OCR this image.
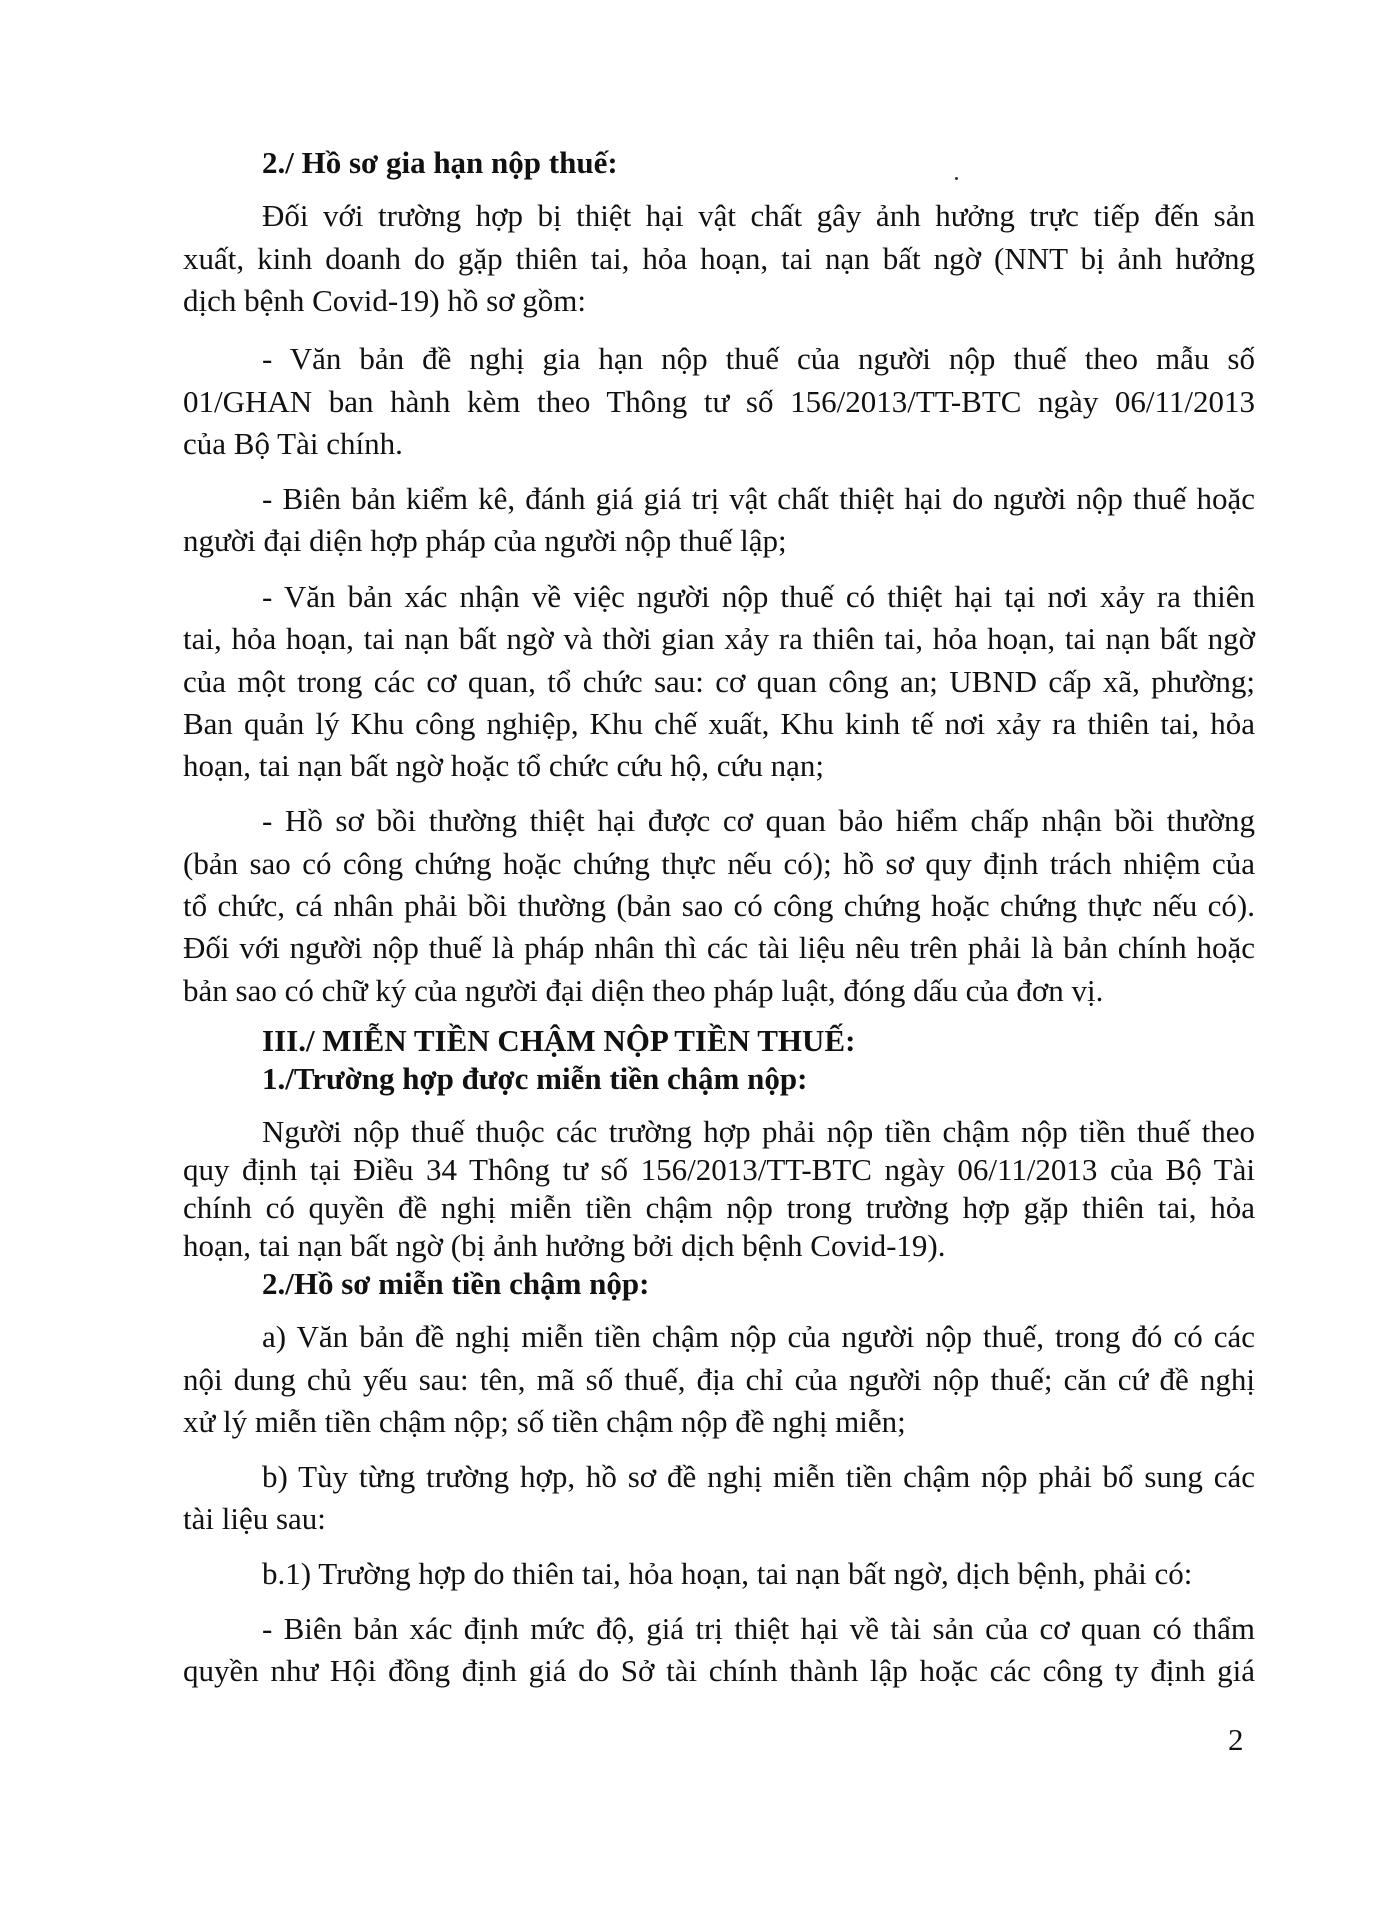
2./ Hồ sơ gia hạn nộp thuế:

Đối với trường hợp bị thiệt hại vật chất gây ảnh hưởng trực tiếp đến sản

xuất, kinh doanh do gặp thiên tai, hỏa hoạn, tai nạn bất ngờ (NNT bị ảnh hưởng

dịch bệnh Covid-19) hồ sơ gồm:

- Văn bản đề nghị gia hạn nộp thuế của người nộp thuế theo mẫu số

01/GHAN ban hành kèm theo Thông tư số 156/2013/TT-BTC ngày 06/11/2013

của Bộ Tài chính.

- Biên bản kiểm kê, đánh giá giá trị vật chất thiệt hại do người nộp thuế hoặc

người đại diện hợp pháp của người nộp thuế lập;

- Văn bản xác nhận về việc người nộp thuế có thiệt hại tại nơi xảy ra thiên

tai, hỏa hoạn, tai nạn bất ngờ và thời gian xảy ra thiên tai, hỏa hoạn, tai nạn bất ngờ

của một trong các cơ quan, tổ chức sau: cơ quan công an; UBND cấp xã, phường;

Ban quản lý Khu công nghiệp, Khu chế xuất, Khu kinh tế nơi xảy ra thiên tai, hỏa

hoạn, tai nạn bất ngờ hoặc tổ chức cứu hộ, cứu nạn;

- Hồ sơ bồi thường thiệt hại được cơ quan bảo hiểm chấp nhận bồi thường

(bản sao có công chứng hoặc chứng thực nếu có); hồ sơ quy định trách nhiệm của

tổ chức, cá nhân phải bồi thường (bản sao có công chứng hoặc chứng thực nếu có).

Đối với người nộp thuế là pháp nhân thì các tài liệu nêu trên phải là bản chính hoặc

bản sao có chữ ký của người đại diện theo pháp luật, đóng dấu của đơn vị.

III./ MIỄN TIỀN CHẬM NỘP TIỀN THUẾ:

1./Trường hợp được miễn tiền chậm nộp:

Người nộp thuế thuộc các trường hợp phải nộp tiền chậm nộp tiền thuế theo

quy định tại Điều 34 Thông tư số 156/2013/TT-BTC ngày 06/11/2013 của Bộ Tài

chính có quyền đề nghị miễn tiền chậm nộp trong trường hợp gặp thiên tai, hỏa

hoạn, tai nạn bất ngờ (bị ảnh hưởng bởi dịch bệnh Covid-19).

2./Hồ sơ miễn tiền chậm nộp:

a) Văn bản đề nghị miễn tiền chậm nộp của người nộp thuế, trong đó có các

nội dung chủ yếu sau: tên, mã số thuế, địa chỉ của người nộp thuế; căn cứ đề nghị

xử lý miễn tiền chậm nộp; số tiền chậm nộp đề nghị miễn;

b) Tùy từng trường hợp, hồ sơ đề nghị miễn tiền chậm nộp phải bổ sung các

tài liệu sau:

b.1) Trường hợp do thiên tai, hỏa hoạn, tai nạn bất ngờ, dịch bệnh, phải có:

- Biên bản xác định mức độ, giá trị thiệt hại về tài sản của cơ quan có thẩm

quyền như Hội đồng định giá do Sở tài chính thành lập hoặc các công ty định giá

2
